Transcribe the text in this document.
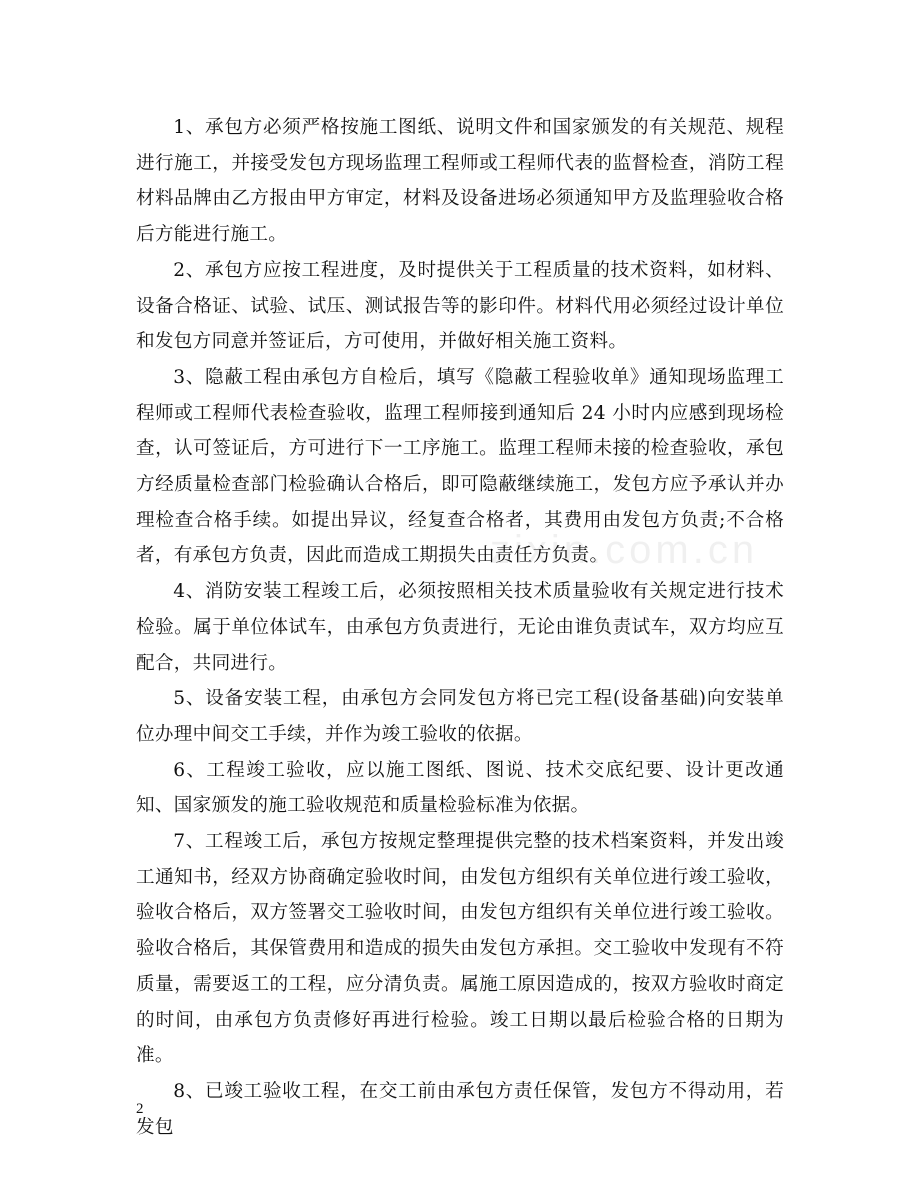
zixin.com.cn

1、承包方必须严格按施工图纸、说明文件和国家颁发的有关规范、规程进行施工，并接受发包方现场监理工程师或工程师代表的监督检查，消防工程材料品牌由乙方报由甲方审定，材料及设备进场必须通知甲方及监理验收合格后方能进行施工。

2、承包方应按工程进度，及时提供关于工程质量的技术资料，如材料、设备合格证、试验、试压、测试报告等的影印件。材料代用必须经过设计单位和发包方同意并签证后，方可使用，并做好相关施工资料。

3、隐蔽工程由承包方自检后，填写《隐蔽工程验收单》通知现场监理工程师或工程师代表检查验收，监理工程师接到通知后 24 小时内应感到现场检查，认可签证后，方可进行下一工序施工。监理工程师未接的检查验收，承包方经质量检查部门检验确认合格后，即可隐蔽继续施工，发包方应予承认并办理检查合格手续。如提出异议，经复查合格者，其费用由发包方负责;不合格者，有承包方负责，因此而造成工期损失由责任方负责。

4、消防安装工程竣工后，必须按照相关技术质量验收有关规定进行技术检验。属于单位体试车，由承包方负责进行，无论由谁负责试车，双方均应互配合，共同进行。

5、设备安装工程，由承包方会同发包方将已完工程(设备基础)向安装单位办理中间交工手续，并作为竣工验收的依据。

6、工程竣工验收，应以施工图纸、图说、技术交底纪要、设计更改通知、国家颁发的施工验收规范和质量检验标准为依据。

7、工程竣工后，承包方按规定整理提供完整的技术档案资料，并发出竣工通知书，经双方协商确定验收时间，由发包方组织有关单位进行竣工验收，验收合格后，双方签署交工验收时间，由发包方组织有关单位进行竣工验收。验收合格后，其保管费用和造成的损失由发包方承担。交工验收中发现有不符质量，需要返工的工程，应分清负责。属施工原因造成的，按双方验收时商定的时间，由承包方负责修好再进行检验。竣工日期以最后检验合格的日期为准。

8、已竣工验收工程，在交工前由承包方责任保管，发包方不得动用，若发包

2
